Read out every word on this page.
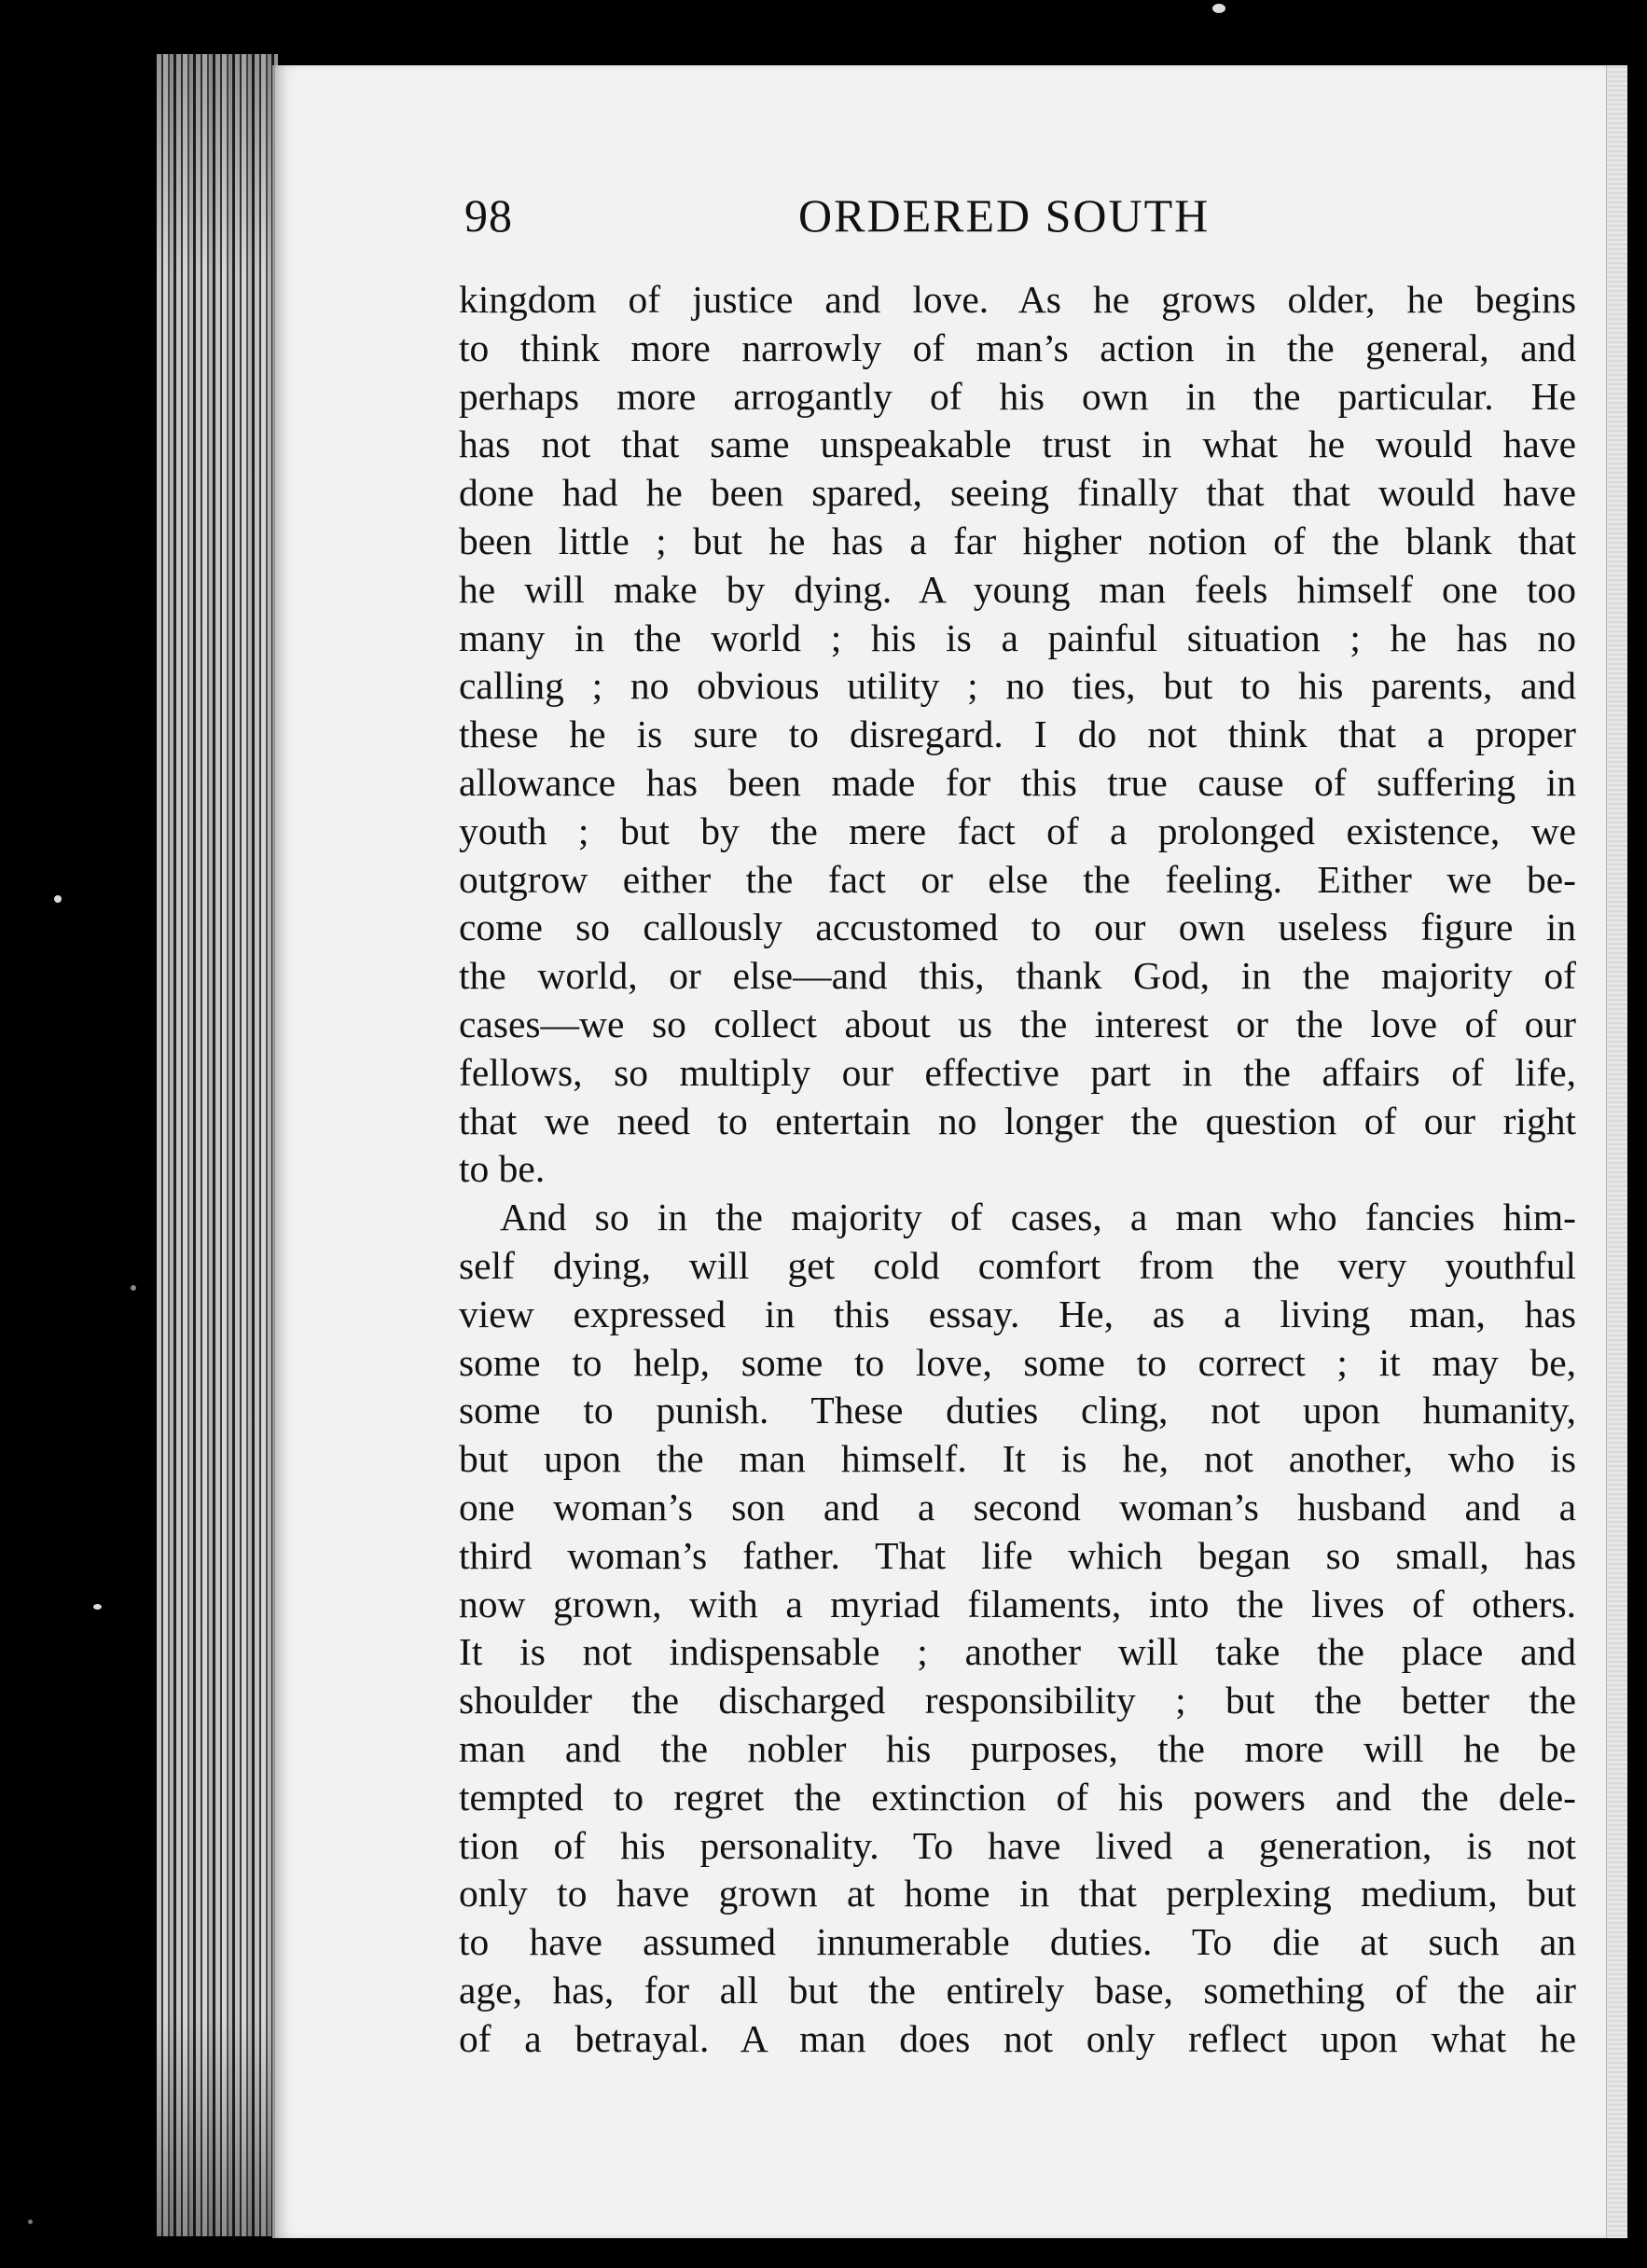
98	ORDERED SOUTH
kingdom of justice and love. As he grows older, he begins
to think more narrowly of man’s action in the general, and
perhaps more arrogantly of his own in the particular. He
has not that same unspeakable trust in what he would have
done had he been spared, seeing finally that that would have
been little ; but he has a far higher notion of the blank that
he will make by dying. A young man feels himself one too
many in the world ; his is a painful situation ; he has no
calling ; no obvious utility ; no ties, but to his parents, and
these he is sure to disregard. I do not think that a proper
allowance has been made for this true cause of suffering in
youth ; but by the mere fact of a prolonged existence, we
outgrow either the fact or else the feeling. Either we be-
come so callously accustomed to our own useless figure in
the world, or else—and this, thank God, in the majority of
cases—we so collect about us the interest or the love of our
fellows, so multiply our effective part in the affairs of life,
that we need to entertain no longer the question of our right
to be.
And so in the majority of cases, a man who fancies him-
self dying, will get cold comfort from the very youthful
view expressed in this essay. He, as a living man, has
some to help, some to love, some to correct ; it may be,
some to punish. These duties cling, not upon humanity,
but upon the man himself. It is he, not another, who is
one woman’s son and a second woman’s husband and a
third woman’s father. That life which began so small, has
now grown, with a myriad filaments, into the lives of others.
It is not indispensable ; another will take the place and
shoulder the discharged responsibility ; but the better the
man and the nobler his purposes, the more will he be
tempted to regret the extinction of his powers and the dele-
tion of his personality. To have lived a generation, is not
only to have grown at home in that perplexing medium, but
to have assumed innumerable duties. To die at such an
age, has, for all but the entirely base, something of the air
of a betrayal. A man does not only reflect upon what he
